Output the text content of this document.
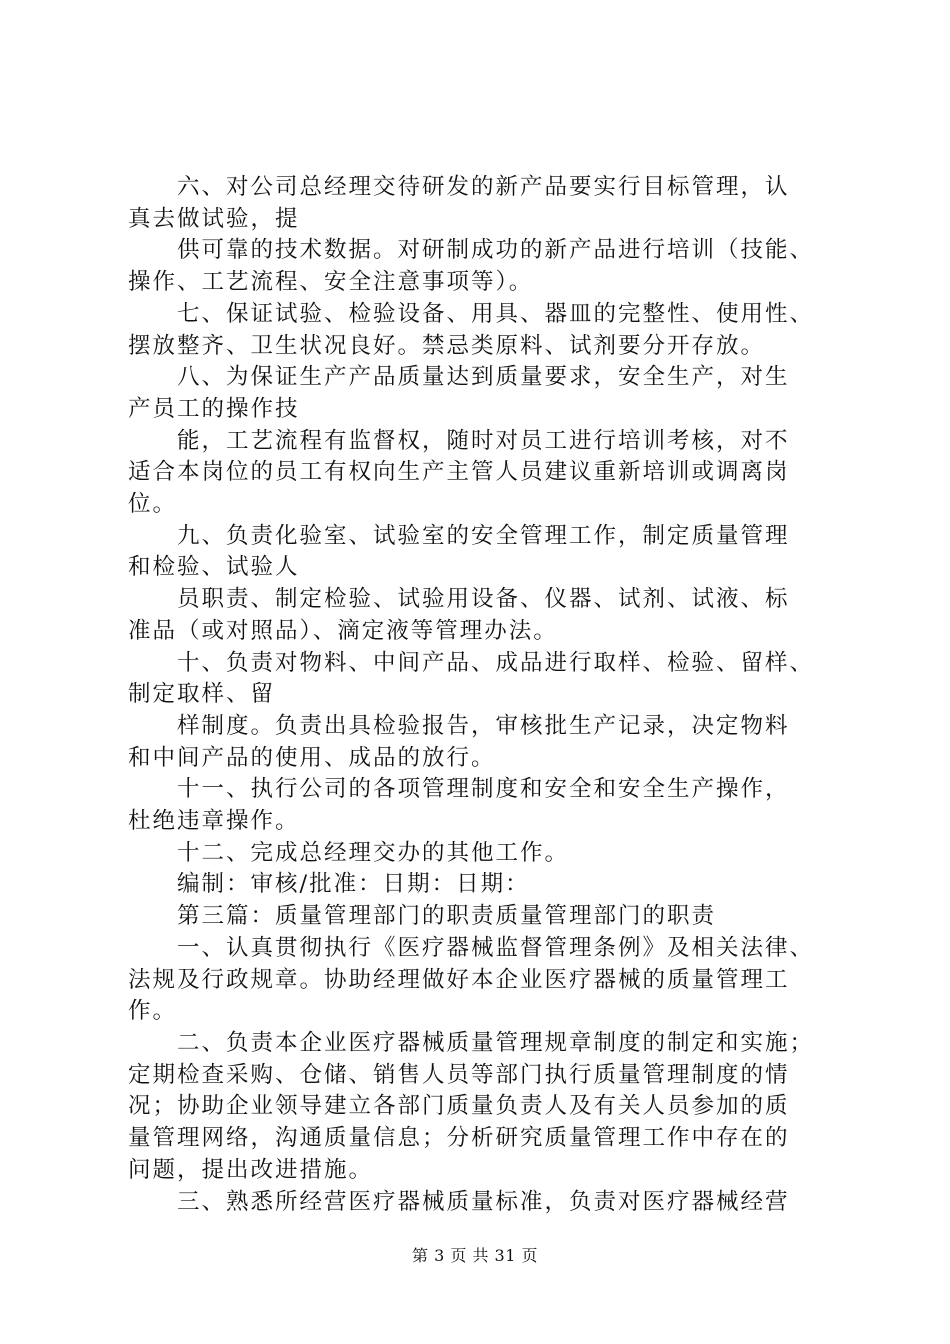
　　六、对公司总经理交待研发的新产品要实行目标管理，认
真去做试验，提
　　供可靠的技术数据。对研制成功的新产品进行培训（技能、
操作、工艺流程、安全注意事项等）。
　　七、保证试验、检验设备、用具、器皿的完整性、使用性、
摆放整齐、卫生状况良好。禁忌类原料、试剂要分开存放。
　　八、为保证生产产品质量达到质量要求，安全生产，对生
产员工的操作技
　　能，工艺流程有监督权，随时对员工进行培训考核，对不
适合本岗位的员工有权向生产主管人员建议重新培训或调离岗
位。
　　九、负责化验室、试验室的安全管理工作，制定质量管理
和检验、试验人
　　员职责、制定检验、试验用设备、仪器、试剂、试液、标
准品（或对照品）、滴定液等管理办法。
　　十、负责对物料、中间产品、成品进行取样、检验、留样、
制定取样、留
　　样制度。负责出具检验报告，审核批生产记录，决定物料
和中间产品的使用、成品的放行。
　　十一、执行公司的各项管理制度和安全和安全生产操作，
杜绝违章操作。
　　十二、完成总经理交办的其他工作。
　　编制：审核/批准：日期：日期：
　　第三篇：质量管理部门的职责质量管理部门的职责
　　一、认真贯彻执行《医疗器械监督管理条例》及相关法律、
法规及行政规章。协助经理做好本企业医疗器械的质量管理工
作。
　　二、负责本企业医疗器械质量管理规章制度的制定和实施；
定期检查采购、仓储、销售人员等部门执行质量管理制度的情
况；协助企业领导建立各部门质量负责人及有关人员参加的质
量管理网络，沟通质量信息；分析研究质量管理工作中存在的
问题，提出改进措施。
　　三、熟悉所经营医疗器械质量标准，负责对医疗器械经营
第 3 页 共 31 页
